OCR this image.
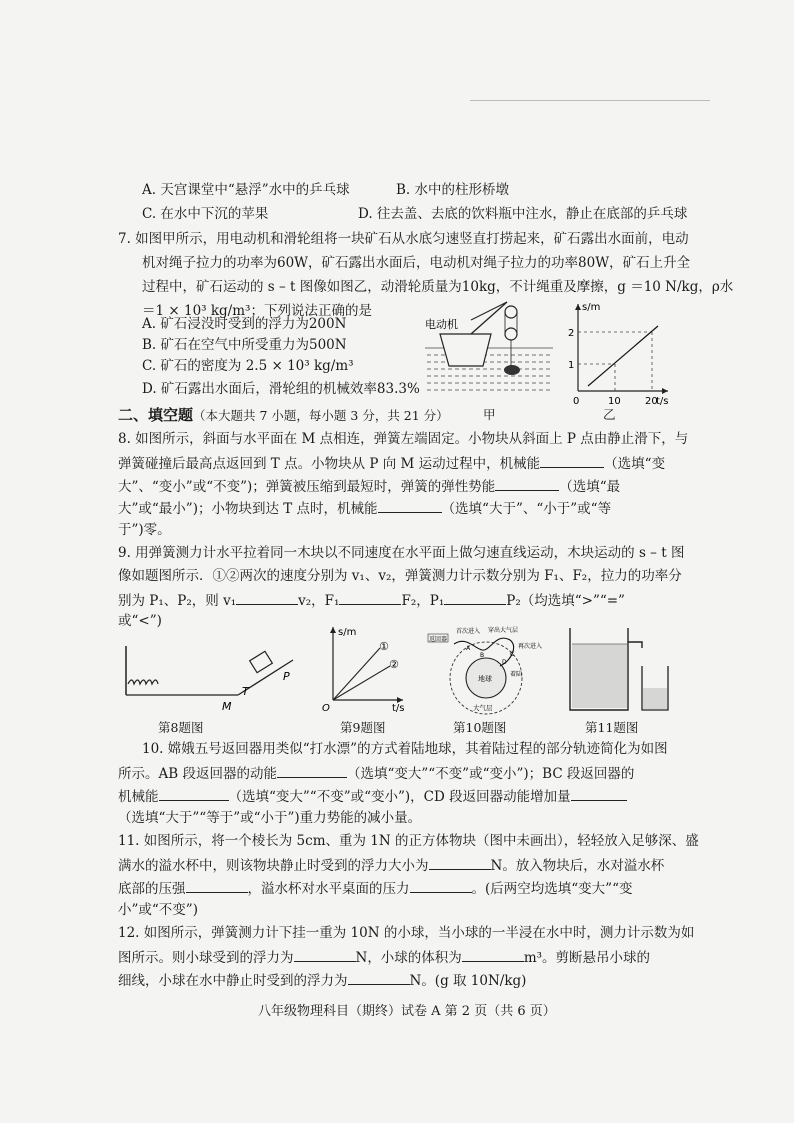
A. 天宫课堂中“悬浮”水中的乒乓球	B. 水中的柱形桥墩
C. 在水中下沉的苹果	D. 往去盖、去底的饮料瓶中注水，静止在底部的乒乓球
7. 如图甲所示，用电动机和滑轮组将一块矿石从水底匀速竖直打捞起来，矿石露出水面前，电动
机对绳子拉力的功率为60W，矿石露出水面后，电动机对绳子拉力的功率80W，矿石上升全
过程中，矿石运动的 s – t 图像如图乙，动滑轮质量为10kg，不计绳重及摩擦，g ＝10 N/kg，ρ水
＝1 × 10³ kg/m³；下列说法正确的是
A. 矿石浸没时受到的浮力为200N
B. 矿石在空气中所受重力为500N
C. 矿石的密度为 2.5 × 10³ kg/m³
D. 矿石露出水面后，滑轮组的机械效率83.3%
电动机
s/m
t/s
1
2
0	10 20
甲	乙
二、填空题（本大题共 7 小题，每小题 3 分，共 21 分）
8. 如图所示，斜面与水平面在 M 点相连，弹簧左端固定。小物块从斜面上 P 点由静止滑下，与
弹簧碰撞后最高点返回到 T 点。小物块从 P 向 M 运动过程中，机械能	（选填“变
大”、“变小”或“不变”)；弹簧被压缩到最短时，弹簧的弹性势能	（选填“最
大”或“最小”)；小物块到达 T 点时，机械能	（选填“大于”、“小于”或“等
于”)零。
9. 用弹簧测力计水平拉着同一木块以不同速度在水平面上做匀速直线运动，木块运动的 s – t 图
像如题图所示．①②两次的速度分别为 v₁、v₂，弹簧测力计示数分别为 F₁、F₂，拉力的功率分
别为 P₁、P₂，则 v₁	v₂，F₁	F₂，P₁	P₂（均选填“>”“=”
或“<”)
P
T
M
第8题图
s/m
t/s
O
①
②
第9题图
返回器
首次进入 穿出大气层
再次进入
地球
大气层
着陆
A
B	C
D
第10题图	第11题图
10. 嫦娥五号返回器用类似“打水漂”的方式着陆地球，其着陆过程的部分轨迹简化为如图
所示。AB 段返回器的动能	（选填“变大”“不变”或“变小”)；BC 段返回器的
机械能	（选填“变大”“不变”或“变小”)，CD 段返回器动能增加量
（选填“大于”“等于”或“小于”)重力势能的减小量。
11. 如图所示，将一个棱长为 5cm、重为 1N 的正方体物块（图中未画出），轻轻放入足够深、盛
满水的溢水杯中，则该物块静止时受到的浮力大小为	N。放入物块后，水对溢水杯
底部的压强	，溢水杯对水平桌面的压力	。(后两空均选填“变大”“变
小”或“不变”)
12. 如图所示，弹簧测力计下挂一重为 10N 的小球，当小球的一半浸在水中时，测力计示数为如
图所示。则小球受到的浮力为	N，小球的体积为	m³。剪断悬吊小球的
细线，小球在水中静止时受到的浮力为	N。(g 取 10N/kg)
八年级物理科目（期终）试卷 A 第 2 页（共 6 页）
